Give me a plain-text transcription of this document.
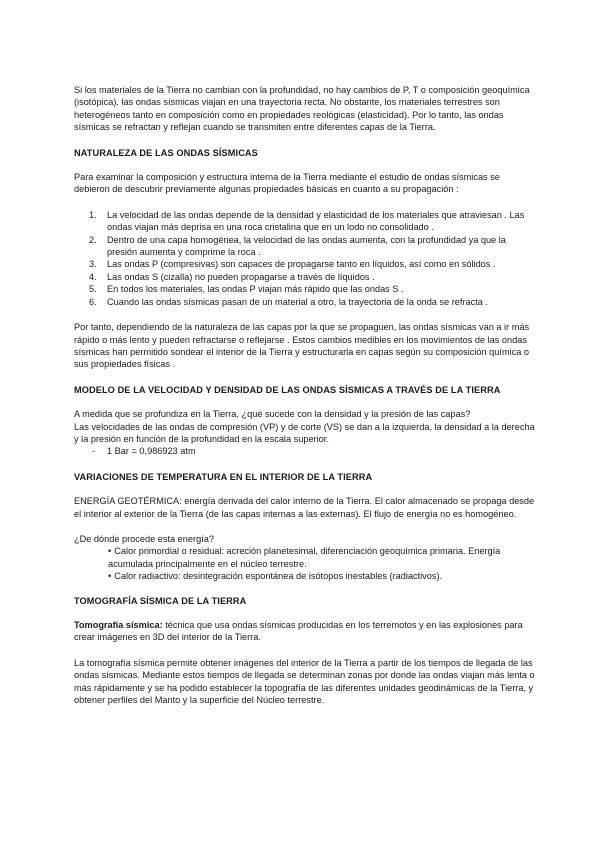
Si los materiales de la Tierra no cambian con la profundidad, no hay cambios de P, T o composición geoquímica (isotópica), las ondas sísmicas viajan en una trayectoria recta. No obstante, los materiales terrestres son heterogéneos tanto en composición como en propiedades reológicas (elasticidad). Por lo tanto, las ondas sísmicas se refractan y reflejan cuando se transmiten entre diferentes capas de la Tierra.

NATURALEZA DE LAS ONDAS SÍSMICAS

Para examinar la composición y estructura interna de la Tierra mediante el estudio de ondas sísmicas se debieron de descubrir previamente algunas propiedades básicas en cuanto a su propagación :

1. La velocidad de las ondas depende de la densidad y elasticidad de los materiales que atraviesan . Las ondas viajan más deprisa en una roca cristalina que en un lodo no consolidado .
2. Dentro de una capa homogénea, la velocidad de las ondas aumenta, con la profundidad ya que la presión aumenta y comprime la roca .
3. Las ondas P (compresivas) son capaces de propagarse tanto en líquidos, así como en sólidos .
4. Las ondas S (cizalla) no pueden propagarse a través de líquidos .
5. En todos los materiales, las ondas P viajan más rápido que las ondas S .
6. Cuando las ondas sísmicas pasan de un material a otro, la trayectoria de la onda se refracta .

Por tanto, dependiendo de la naturaleza de las capas por la que se propaguen, las ondas sísmicas van a ir más rápido o más lento y pueden refractarse o reflejarse . Estos cambios medibles en los movimientos de las ondas sísmicas han permitido sondear el interior de la Tierra y estructurarla en capas según su composición química o sus propiedades físicas .

MODELO DE LA VELOCIDAD Y DENSIDAD DE LAS ONDAS SÍSMICAS A TRAVÉS DE LA TIERRA

A medida que se profundiza en la Tierra, ¿qué sucede con la densidad y la presión de las capas?

Las velocidades de las ondas de compresión (VP) y de corte (VS) se dan a la izquierda, la densidad a la derecha y la presión en función de la profundidad en la escala superior.

- 1 Bar = 0,986923 atm
VARIACIONES DE TEMPERATURA EN EL INTERIOR DE LA TIERRA

ENERGÍA GEOTÉRMICA: energía derivada del calor interno de la Tierra. El calor almacenado se propaga desde el interior al exterior de la Tierra (de las capas internas a las externas). El flujo de energía no es homogéneo.

¿De dónde procede esta energía?

• Calor primordial o residual: acreción planetesimal, diferenciación geoquímica primaria. Energía acumulada principalmente en el núcleo terrestre.
• Calor radiactivo: desintegración espontánea de isótopos inestables (radiactivos).
TOMOGRAFÍA SÍSMICA DE LA TIERRA

Tomografía sísmica: técnica que usa ondas sísmicas producidas en los terremotos y en las explosiones para crear imágenes en 3D del interior de la Tierra.

La tomografía sísmica permite obtener imágenes del interior de la Tierra a partir de los tiempos de llegada de las ondas sísmicas. Mediante estos tiempos de llegada se determinan zonas por donde las ondas viajan más lenta o más rápidamente y se ha podido establecer la topografía de las diferentes unidades geodinámicas de la Tierra, y obtener perfiles del Manto y la superficie del Núcleo terrestre.
